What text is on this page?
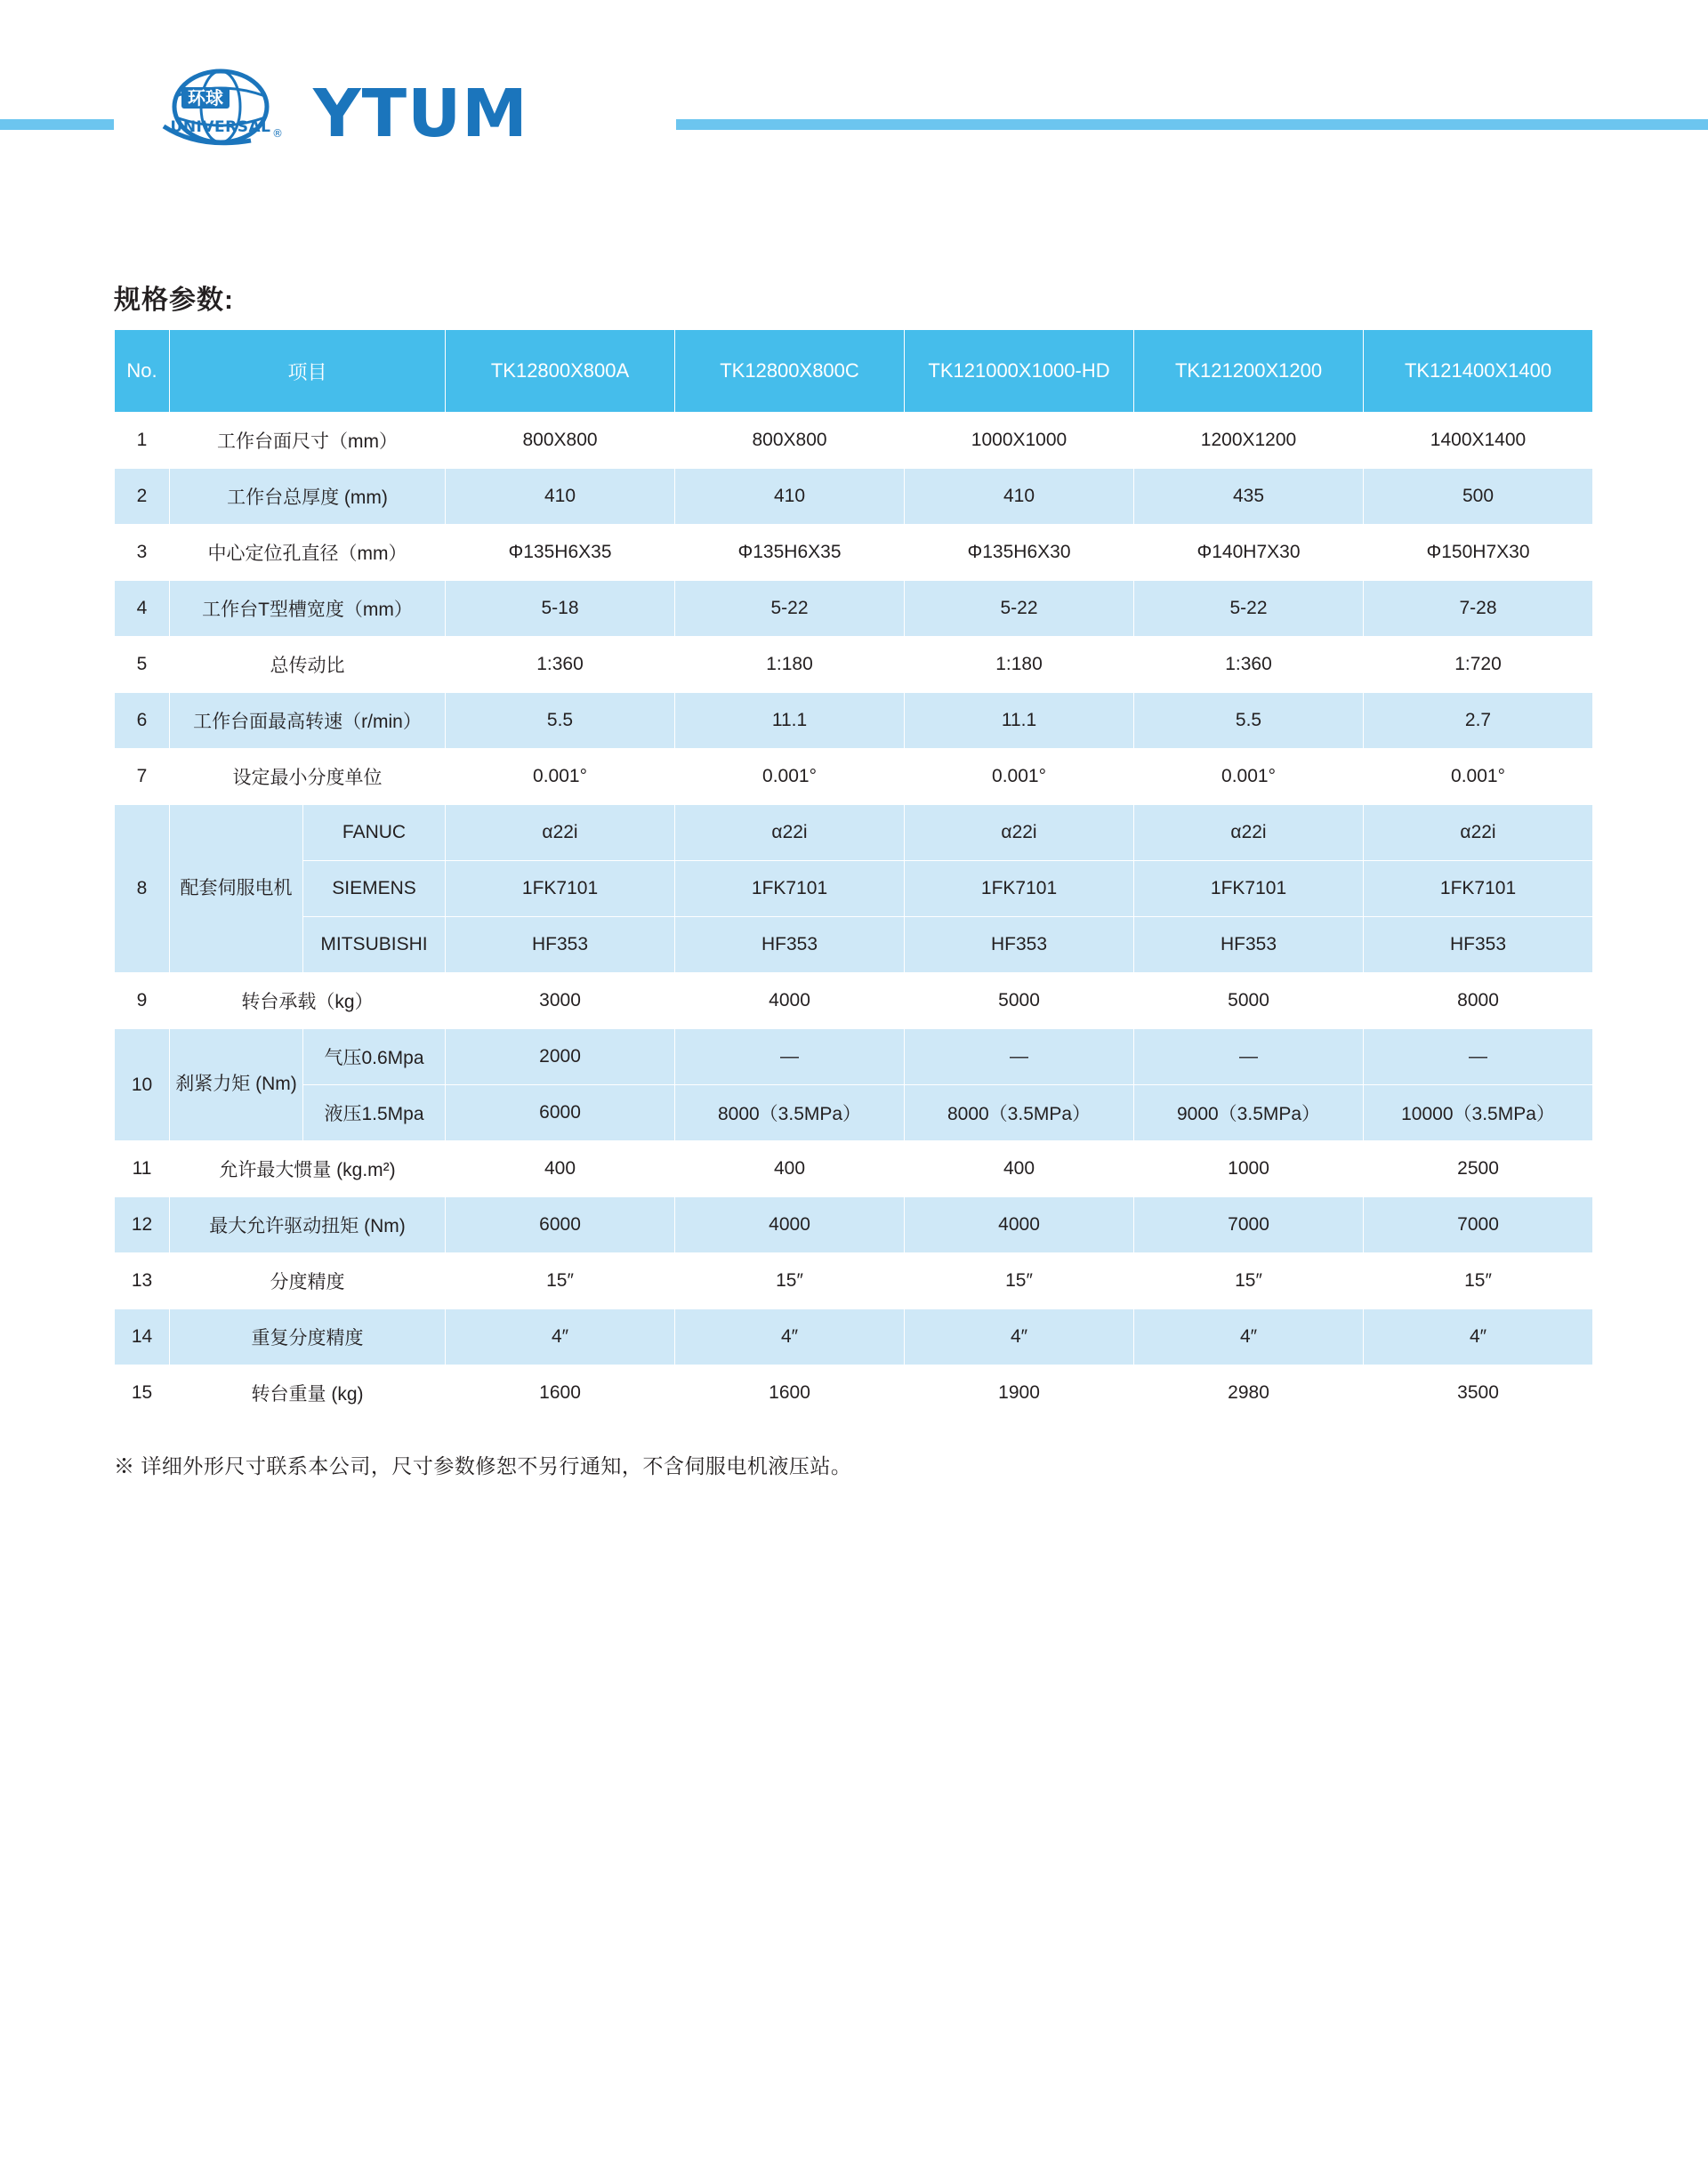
环球
UNIVERSAL ® YTUM
规格参数:
No.	项目		TK12800X800A	TK12800X800C	TK121000X1000-HD	TK121200X1200	TK121400X1400
1	工作台面尺寸（mm）		800X800	800X800	1000X1000	1200X1200	1400X1400
2	工作台总厚度 (mm)		410	410	410	435	500
3	中心定位孔直径（mm）		Φ135H6X35	Φ135H6X35	Φ135H6X30	Φ140H7X30	Φ150H7X30
4	工作台T型槽宽度（mm）		5-18	5-22	5-22	5-22	7-28
5	总传动比		1:360	1:180	1:180	1:360	1:720
6	工作台面最高转速（r/min）		5.5	11.1	11.1	5.5	2.7
7	设定最小分度单位		0.001°	0.001°	0.001°	0.001°	0.001°
8	配套伺服电机	FANUC	α22i	α22i	α22i	α22i	α22i
		SIEMENS	1FK7101	1FK7101	1FK7101	1FK7101	1FK7101
		MITSUBISHI	HF353	HF353	HF353	HF353	HF353
9	转台承载（kg）		3000	4000	5000	5000	8000
10	刹紧力矩 (Nm)	气压0.6Mpa	2000	—	—	—	—
		液压1.5Mpa	6000	8000（3.5MPa）	8000（3.5MPa）	9000（3.5MPa）	10000（3.5MPa）
11	允许最大惯量 (kg.m²)		400	400	400	1000	2500
12	最大允许驱动扭矩 (Nm)		6000	4000	4000	7000	7000
13	分度精度		15″	15″	15″	15″	15″
14	重复分度精度		4″	4″	4″	4″	4″
15	转台重量 (kg)		1600	1600	1900	2980	3500
※ 详细外形尺寸联系本公司，尺寸参数修恕不另行通知，不含伺服电机液压站。
